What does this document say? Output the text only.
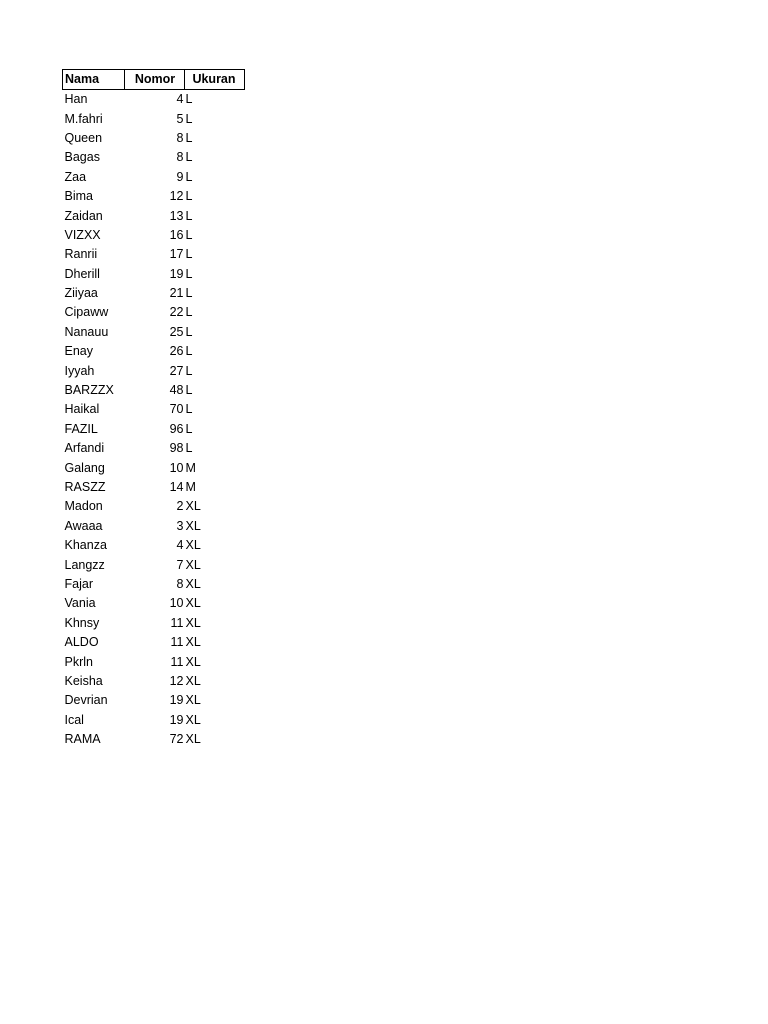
Nama	Nomor	Ukuran
Han	4	L
M.fahri	5	L
Queen	8	L
Bagas	8	L
Zaa	9	L
Bima	12	L
Zaidan	13	L
VIZXX	16	L
Ranrii	17	L
Dherill	19	L
Ziiyaa	21	L
Cipaww	22	L
Nanauu	25	L
Enay	26	L
Iyyah	27	L
BARZZX	48	L
Haikal	70	L
FAZIL	96	L
Arfandi	98	L
Galang	10	M
RASZZ	14	M
Madon	2	XL
Awaaa	3	XL
Khanza	4	XL
Langzz	7	XL
Fajar	8	XL
Vania	10	XL
Khnsy	11	XL
ALDO	11	XL
Pkrln	11	XL
Keisha	12	XL
Devrian	19	XL
Ical	19	XL
RAMA	72	XL
